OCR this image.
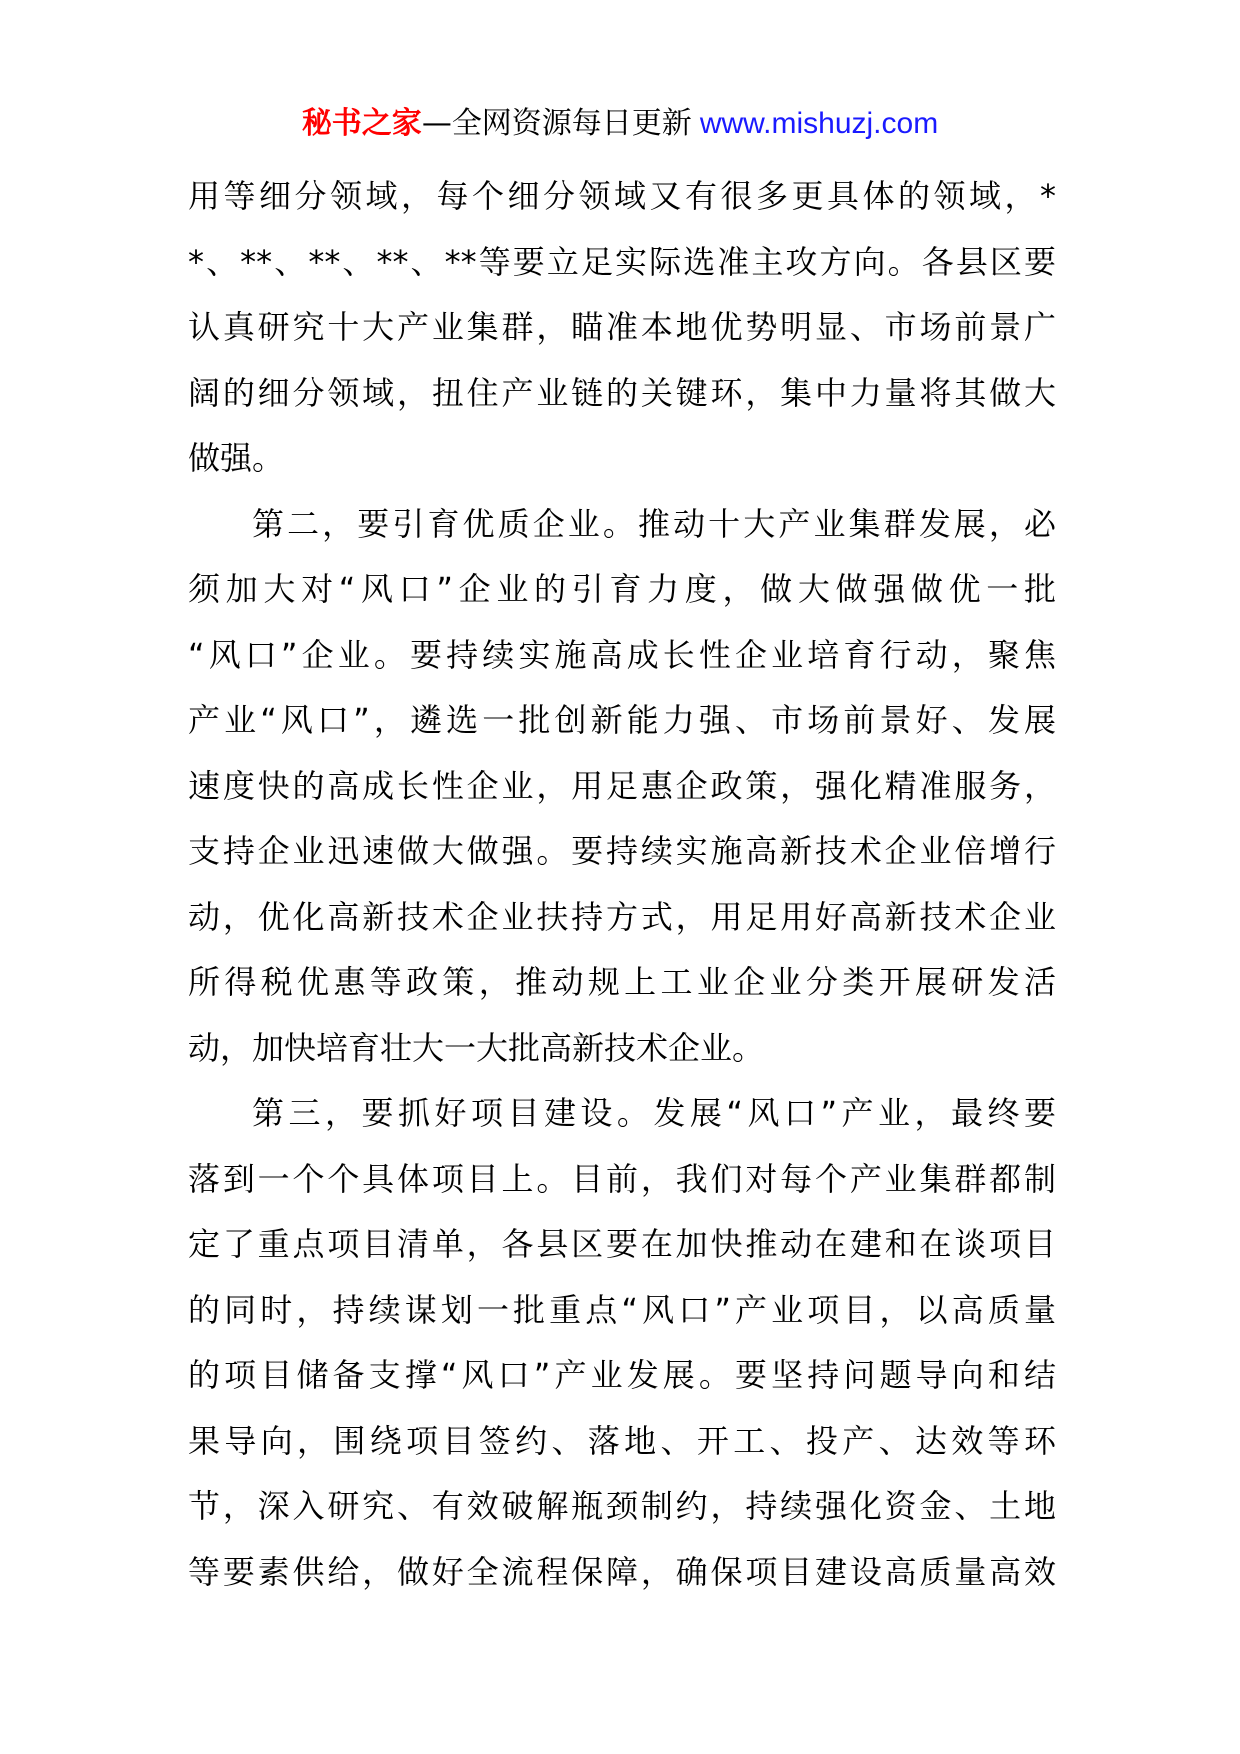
秘书之家—全网资源每日更新 www.mishuzj.com
用等细分领域，每个细分领域又有很多更具体的领域，*
*、**、**、**、**等要立足实际选准主攻方向。各县区要
认真研究十大产业集群，瞄准本地优势明显、市场前景广
阔的细分领域，扭住产业链的关键环，集中力量将其做大
做强。
第二，要引育优质企业。推动十大产业集群发展，必
须加大对“风口”企业的引育力度，做大做强做优一批
“风口”企业。要持续实施高成长性企业培育行动，聚焦
产业“风口”，遴选一批创新能力强、市场前景好、发展
速度快的高成长性企业，用足惠企政策，强化精准服务，
支持企业迅速做大做强。要持续实施高新技术企业倍增行
动，优化高新技术企业扶持方式，用足用好高新技术企业
所得税优惠等政策，推动规上工业企业分类开展研发活
动，加快培育壮大一大批高新技术企业。
第三，要抓好项目建设。发展“风口”产业，最终要
落到一个个具体项目上。目前，我们对每个产业集群都制
定了重点项目清单，各县区要在加快推动在建和在谈项目
的同时，持续谋划一批重点“风口”产业项目，以高质量
的项目储备支撑“风口”产业发展。要坚持问题导向和结
果导向，围绕项目签约、落地、开工、投产、达效等环
节，深入研究、有效破解瓶颈制约，持续强化资金、土地
等要素供给，做好全流程保障，确保项目建设高质量高效
